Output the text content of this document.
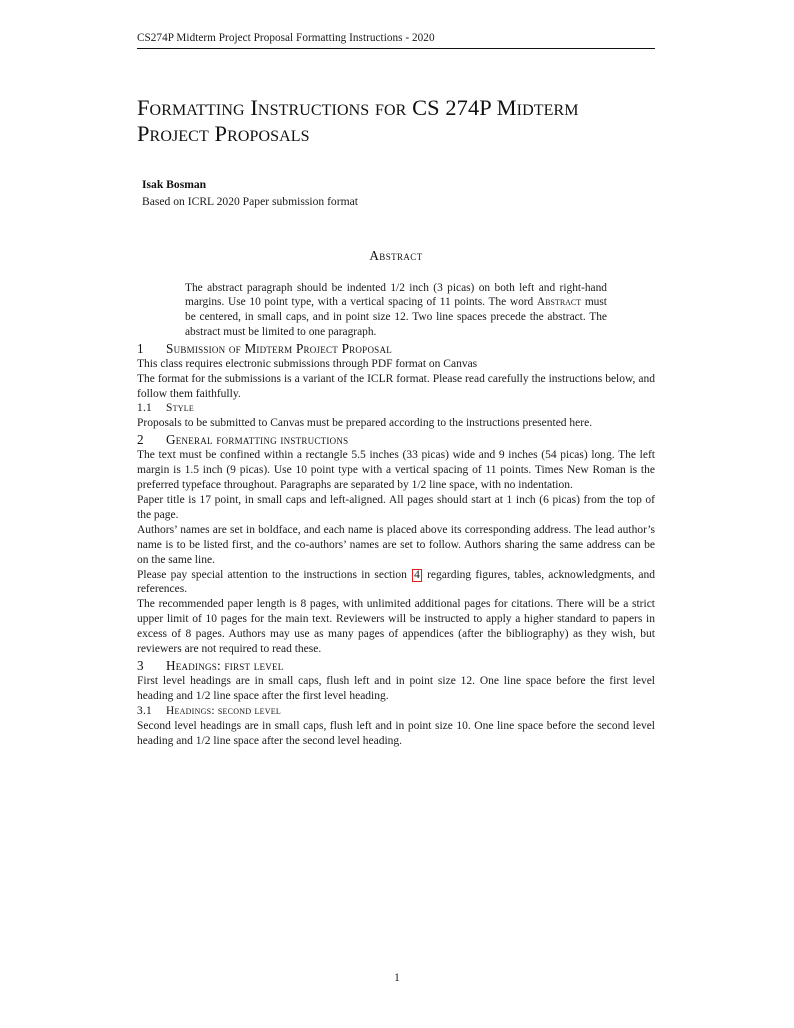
CS274P Midterm Project Proposal Formatting Instructions - 2020
Formatting Instructions for CS 274P Midterm Project Proposals
Isak Bosman
Based on ICRL 2020 Paper submission format
Abstract

The abstract paragraph should be indented 1/2 inch (3 picas) on both left and right-hand margins. Use 10 point type, with a vertical spacing of 11 points. The word Abstract must be centered, in small caps, and in point size 12. Two line spaces precede the abstract. The abstract must be limited to one paragraph.

1	Submission of Midterm Project Proposal

This class requires electronic submissions through PDF format on Canvas

The format for the submissions is a variant of the ICLR format. Please read carefully the instructions below, and follow them faithfully.

1.1	Style

Proposals to be submitted to Canvas must be prepared according to the instructions presented here.

2	General formatting instructions

The text must be confined within a rectangle 5.5 inches (33 picas) wide and 9 inches (54 picas) long. The left margin is 1.5 inch (9 picas). Use 10 point type with a vertical spacing of 11 points. Times New Roman is the preferred typeface throughout. Paragraphs are separated by 1/2 line space, with no indentation.

Paper title is 17 point, in small caps and left-aligned. All pages should start at 1 inch (6 picas) from the top of the page.

Authors’ names are set in boldface, and each name is placed above its corresponding address. The lead author’s name is to be listed first, and the co-authors’ names are set to follow. Authors sharing the same address can be on the same line.

Please pay special attention to the instructions in section 4 regarding figures, tables, acknowledgments, and references.

The recommended paper length is 8 pages, with unlimited additional pages for citations. There will be a strict upper limit of 10 pages for the main text. Reviewers will be instructed to apply a higher standard to papers in excess of 8 pages. Authors may use as many pages of appendices (after the bibliography) as they wish, but reviewers are not required to read these.

3	Headings: first level

First level headings are in small caps, flush left and in point size 12. One line space before the first level heading and 1/2 line space after the first level heading.

3.1	Headings: second level

Second level headings are in small caps, flush left and in point size 10. One line space before the second level heading and 1/2 line space after the second level heading.

1
